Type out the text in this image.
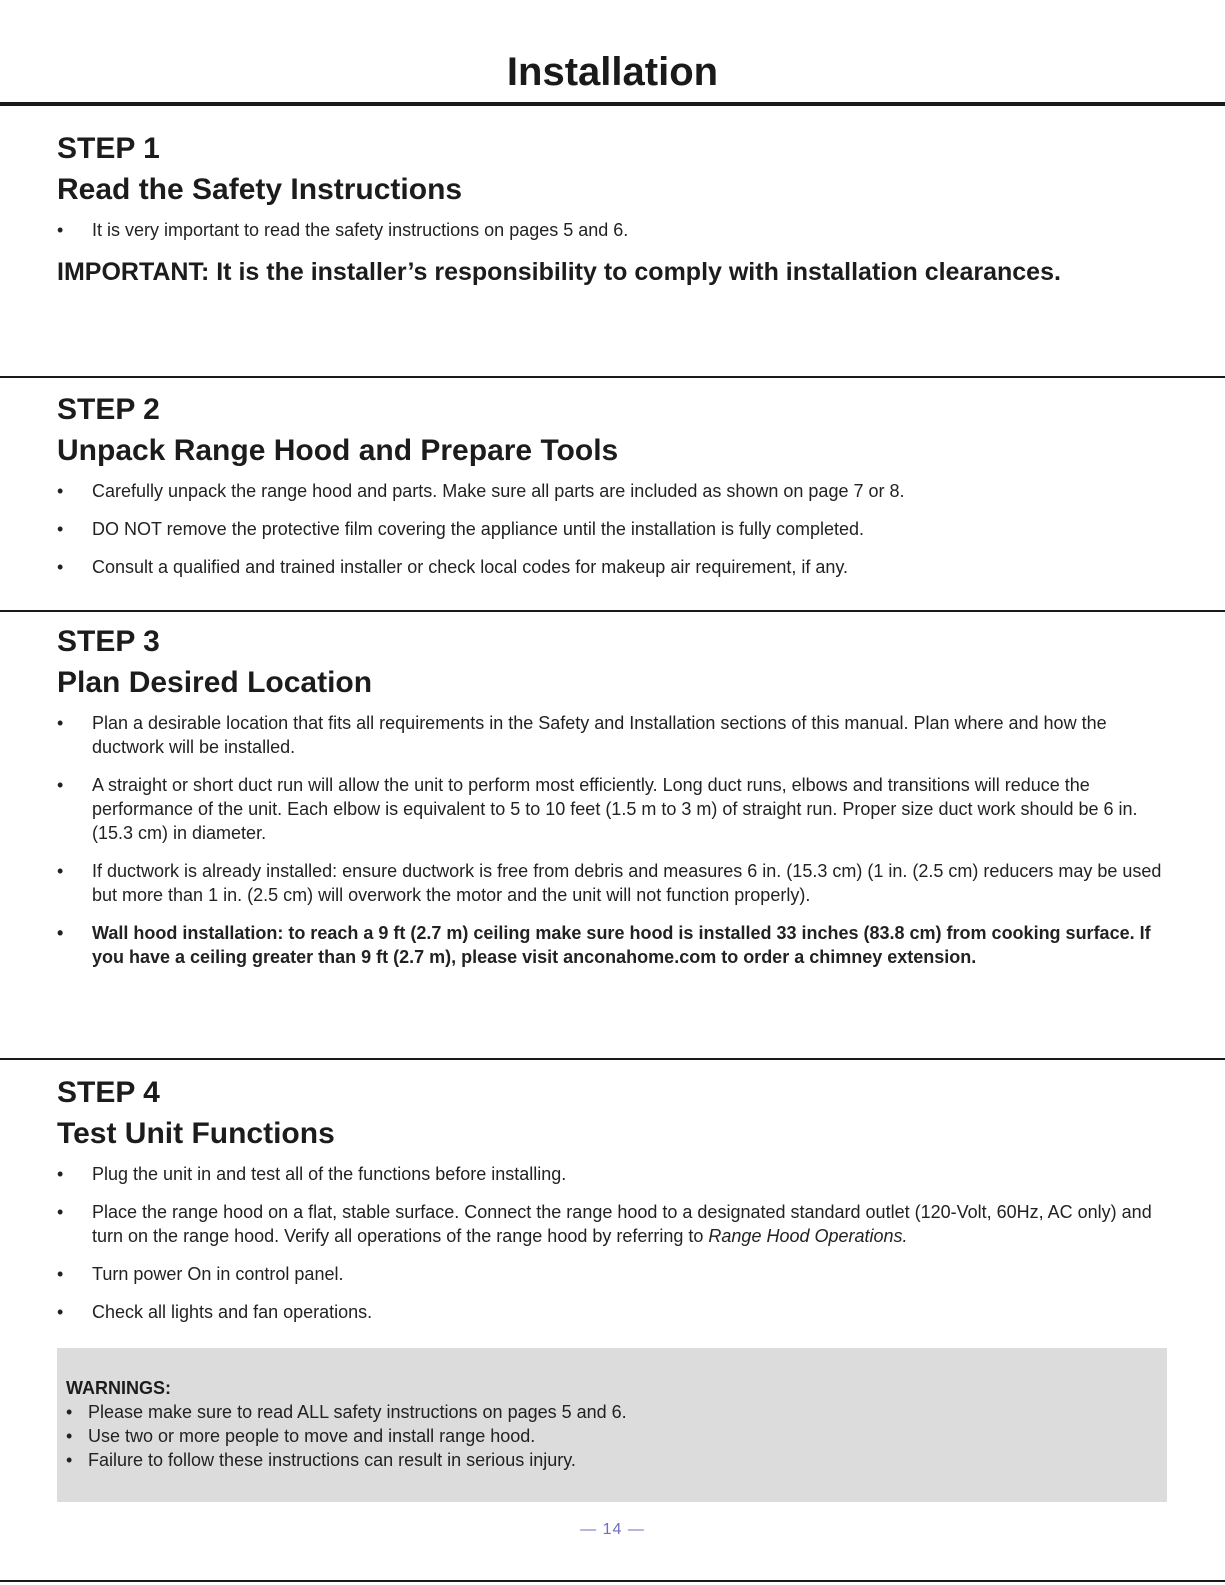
Installation
STEP 1
Read the Safety Instructions
•	It is very important to read the safety instructions on pages 5 and 6.
IMPORTANT: It is the installer’s responsibility to comply with installation clearances.
STEP 2
Unpack Range Hood and Prepare Tools
•	Carefully unpack the range hood and parts. Make sure all parts are included as shown on page 7 or 8.
•	DO NOT remove the protective film covering the appliance until the installation is fully completed.
•	Consult a qualified and trained installer or check local codes for makeup air requirement, if any.
STEP 3
Plan Desired Location
•	Plan a desirable location that fits all requirements in the Safety and Installation sections of this manual. Plan where and how the ductwork will be installed.
•	A straight or short duct run will allow the unit to perform most efficiently. Long duct runs, elbows and transitions will reduce the performance of the unit. Each elbow is equivalent to 5 to 10 feet (1.5 m to 3 m) of straight run. Proper size duct work should be 6 in. (15.3 cm) in diameter.
•	If ductwork is already installed: ensure ductwork is free from debris and measures 6 in. (15.3 cm) (1 in. (2.5 cm) reducers may be used but more than 1 in. (2.5 cm) will overwork the motor and the unit will not function properly).
•	Wall hood installation: to reach a 9 ft (2.7 m) ceiling make sure hood is installed 33 inches (83.8 cm) from cooking surface. If you have a ceiling greater than 9 ft (2.7 m), please visit anconahome.com to order a chimney extension.
STEP 4
Test Unit Functions
•	Plug the unit in and test all of the functions before installing.
•	Place the range hood on a flat, stable surface. Connect the range hood to a designated standard outlet (120-Volt, 60Hz, AC only) and turn on the range hood. Verify all operations of the range hood by referring to Range Hood Operations.
•	Turn power On in control panel.
•	Check all lights and fan operations.
WARNINGS:
• Please make sure to read ALL safety instructions on pages 5 and 6.
• Use two or more people to move and install range hood.
• Failure to follow these instructions can result in serious injury.
— 14 —
